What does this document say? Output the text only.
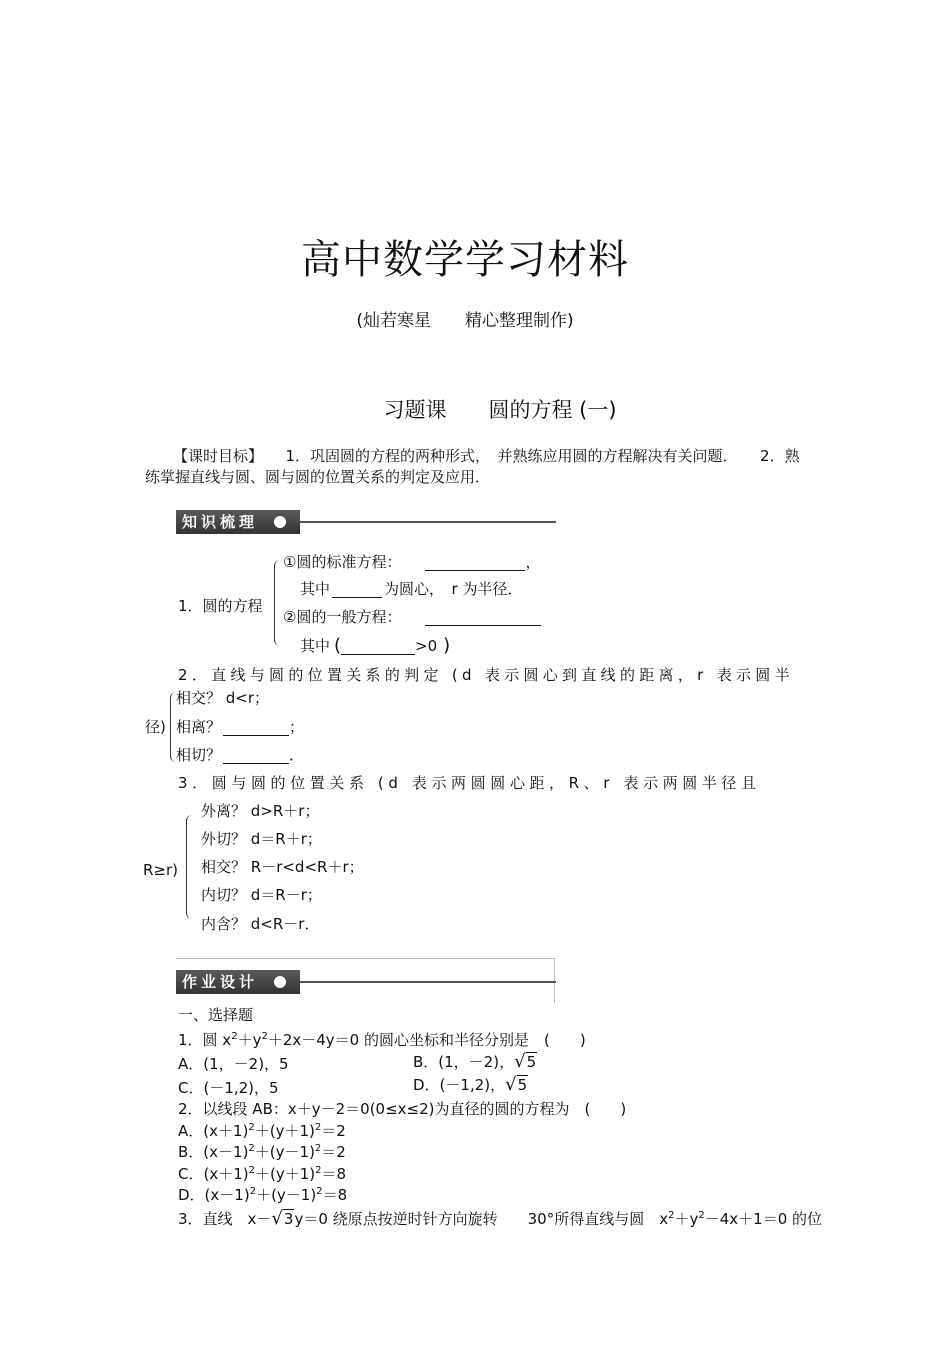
高中数学学习材料
(灿若寒星　　精心整理制作)
习题课　　圆的方程 (一)
【课时目标】　　1．巩固圆的方程的两种形式，　并熟练应用圆的方程解决有关问题．　　2．熟
练掌握直线与圆、圆与圆的位置关系的判定及应用．
知识梳理
1．圆的方程
①圆的标准方程：	，
其中	为圆心，　r 为半径．
②圆的一般方程：
其中 (	>0 )
2．直线与圆的位置关系的判定 (d 表示圆心到直线的距离，r 表示圆半
径)
相交？ d<r；
相离？	；
相切？	．
3．圆与圆的位置关系 (d 表示两圆圆心距，R、r 表示两圆半径且
R≥r)
外离？ d>R＋r；
外切？ d＝R＋r；
相交？ R－r<d<R＋r；
内切？ d＝R－r；
内含？ d<R－r．
作业设计
一、选择题
1．圆 $x^2+y^2+2x-4y=0$ 的圆心坐标和半径分别是　(　　)
A．(1，－2)，5	B．(1，－2)，√5
C．(－1,2)，5	D．(－1,2)，√5
2．以线段 AB：x＋y－2＝0(0≤x≤2)为直径的圆的方程为　(　　)
A．$(x+1)^2+(y+1)^2=2$
B．$(x-1)^2+(y-1)^2=2$
C．$(x+1)^2+(y+1)^2=8$
D．$(x-1)^2+(y-1)^2=8$
3．直线　x－√3y＝0 绕原点按逆时针方向旋转　　30°所得直线与圆　$x^2+y^2-4x+1=0$ 的位
